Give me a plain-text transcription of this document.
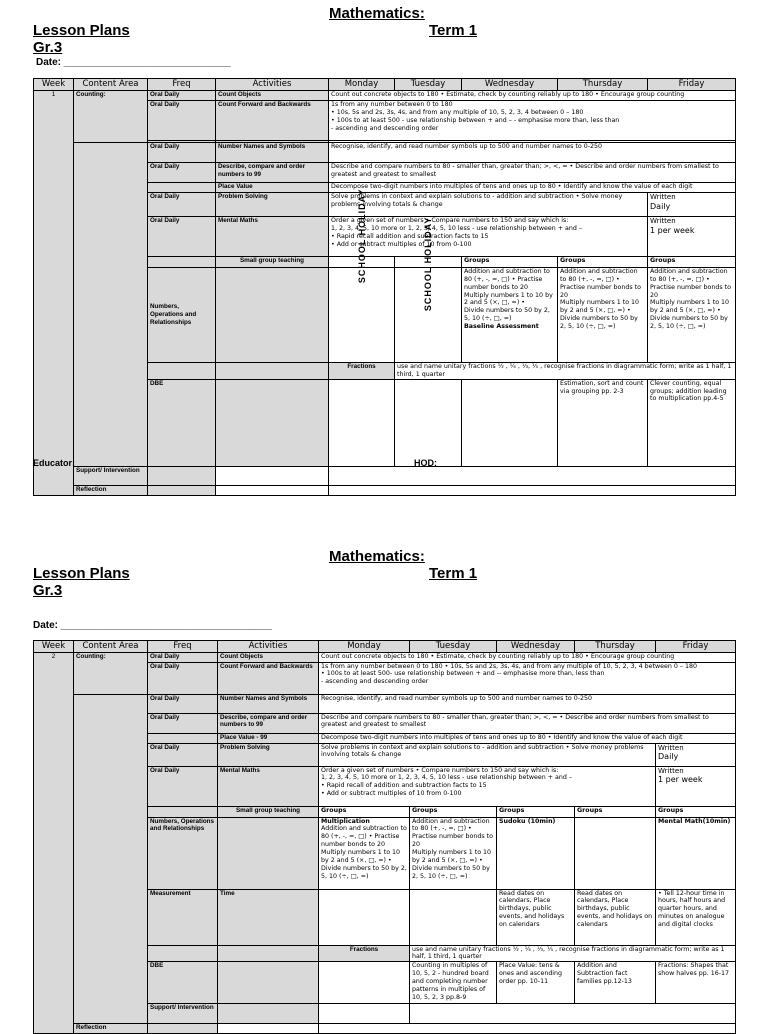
Mathematics:
Lesson Plans	Term 1
Gr.3
Date: ______________________________
Week	Content Area	Freq	Activities	Monday	Tuesday	Wednesday	Thursday	Friday	
1	Counting:	Oral Daily	Count Objects	Count out concrete objects to 180 • Estimate, check by counting reliably up to 180 • Encourage group counting					
		Oral Daily	Count Forward and Backwards	1s from any number between 0 to 180
• 10s, 5s and 2s, 3s, 4s, and from any multiple of 10, 5, 2, 3, 4 between 0 – 180
• 100s to at least 500 - use relationship between + and – - emphasise more than, less than
- ascending and descending order					

		Oral Daily	Number Names and Symbols	Recognise, identify, and read number symbols up to 500 and number names to 0-250					
		Oral Daily	Describe, compare and order numbers to 99	Describe and compare numbers to 80 - smaller than, greater than; >, <, = • Describe and order numbers from smallest to greatest and greatest to smallest					
			Place Value	Decompose two-digit numbers into multiples of tens and ones up to 80 • Identify and know the value of each digit					
		Oral Daily	Problem Solving	Solve problems in context and explain solutions to - addition and subtraction • Solve money problems involving totals & change				Written
Daily	
		Oral Daily	Mental Maths	Order a given set of numbers • Compare numbers to 150 and say which is:
1, 2, 3, 4, 5, 10 more or 1, 2, 3, 4, 5, 10 less - use relationship between + and –
• Rapid recall addition and subtraction facts to 15
• Add or subtract multiples of 10 from 0-100				Written
1 per week	
			Small group teaching			Groups	Groups	Groups	
		Numbers, Operations and Relationships		SCHOOL HOLIDAY	SCHOOL HOLIDAY	Addition and subtraction to 80 (+, -, =, □) • Practise number bonds to 20
Multiply numbers 1 to 10 by 2 and 5 (×, □, =) •
Divide numbers to 50 by 2, 5, 10 (÷, □, =)
Baseline Assessment	Addition and subtraction to 80 (+, -, =, □) • Practise number bonds to 20
Multiply numbers 1 to 10 by 2 and 5 (×, □, =) •
Divide numbers to 50 by 2, 5, 10 (÷, □, =)	Addition and subtraction to 80 (+, -, =, □) • Practise number bonds to 20
Multiply numbers 1 to 10 by 2 and 5 (×, □, =) •
Divide numbers to 50 by 2, 5, 10 (÷, □, =)	
				Fractions	use and name unitary fractions ½ , ¼ , ⅓, ⅕ , recognise fractions in diagrammatic form; write as 1 half, 1 third, 1 quarter				
		DBE					Estimation, sort and count via grouping pp. 2-3	Clever counting, equal groups; addition leading to multiplication pp.4-5	
	Support/ Intervention								
	Reflection								
Educator: ______________________________	HOD: ______________________________
Mathematics:
Lesson Plans	Term 1
Gr.3
Date: ______________________________________
Week	Content Area	Freq	Activities	Monday	Tuesday	Wednesday	Thursday	Friday	
2	Counting:	Oral Daily	Count Objects	Count out concrete objects to 180 • Estimate, check by counting reliably up to 180 • Encourage group counting					
		Oral Daily	Count Forward and Backwards	1s from any number between 0 to 180 • 10s, 5s and 2s, 3s, 4s, and from any multiple of 10, 5, 2, 3, 4 between 0 – 180
• 100s to at least 500- use relationship between + and -- emphasise more than, less than
- ascending and descending order					
		Oral Daily	Number Names and Symbols	Recognise, identify, and read number symbols up to 500 and number names to 0-250					
		Oral Daily	Describe, compare and order numbers to 99	Describe and compare numbers to 80 - smaller than, greater than; >, <, = • Describe and order numbers from smallest to greatest and greatest to smallest					
			Place Value - 99	Decompose two-digit numbers into multiples of tens and ones up to 80 • Identify and know the value of each digit					
		Oral Daily	Problem Solving	Solve problems in context and explain solutions to - addition and subtraction • Solve money problems involving totals & change				Written
Daily	
		Oral Daily	Mental Maths	Order a given set of numbers • Compare numbers to 150 and say which is:
1, 2, 3, 4, 5, 10 more or 1, 2, 3, 4, 5, 10 less - use relationship between + and –
• Rapid recall of addition and subtraction facts to 15
• Add or subtract multiples of 10 from 0-100				Written
1 per week	
			Small group teaching	Groups	Groups	Groups	Groups	Groups	
		Numbers, Operations and Relationships		Multiplication
Addition and subtraction to 80 (+, -, =, □) • Practise number bonds to 20
Multiply numbers 1 to 10 by 2 and 5 (×, □, =) •
Divide numbers to 50 by 2, 5, 10 (÷, □, =)	Addition and subtraction to 80 (+, -, =, □) • Practise number bonds to 20
Multiply numbers 1 to 10 by 2 and 5 (×, □, =) •
Divide numbers to 50 by 2, 5, 10 (÷, □, =)	Sudoku (10min)		Mental Math(10min)	
		Measurement	Time			Read dates on calendars, Place birthdays, public events, and holidays on calendars	Read dates on calendars, Place birthdays, public events, and holidays on calendars	• Tell 12-hour time in hours, half hours and quarter hours, and minutes on analogue and digital clocks	
				Fractions	use and name unitary fractions ½ , ¼ , ⅓, ⅕ , recognise fractions in diagrammatic form; write as 1 half, 1 third, 1 quarter				
		DBE			Counting in multiples of 10, 5, 2 - hundred board and completing number patterns in multiples of 10, 5, 2, 3 pp.8-9	Place Value: tens & ones and ascending order pp. 10-11	Addition and Subtraction fact families pp.12-13	Fractions: Shapes that show halves pp. 16-17	
		Support/ Intervention							
	Reflection								
